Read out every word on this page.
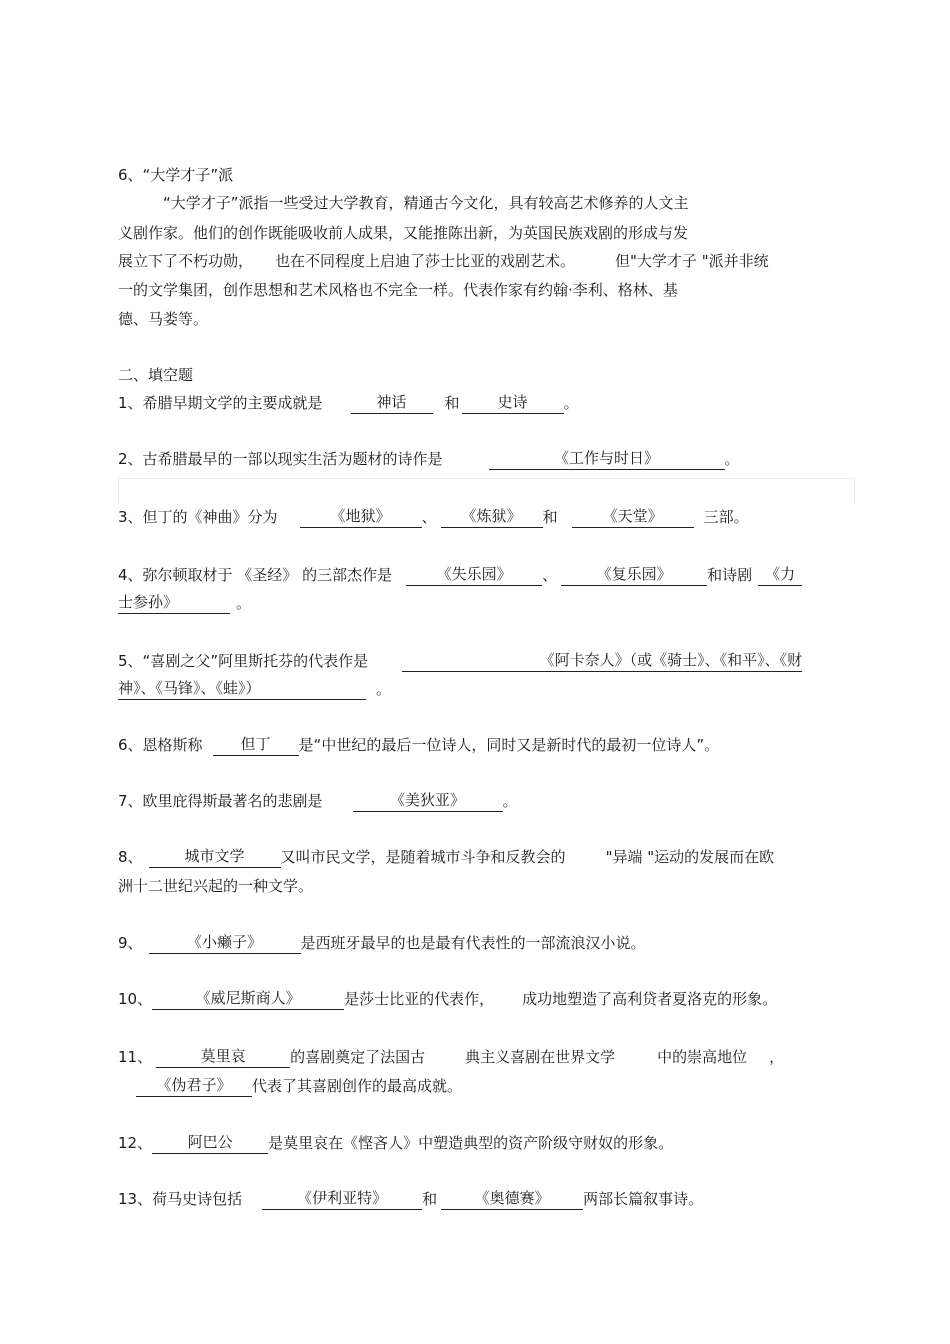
6、“大学才子”派
“大学才子”派指一些受过大学教育，精通古今文化，具有较高艺术修养的人文主
义剧作家。他们的创作既能吸收前人成果，又能推陈出新，为英国民族戏剧的形成与发
展立下了不朽功勋， 也在不同程度上启迪了莎士比亚的戏剧艺术。	但"大学才子 "派并非统
一的文学集团，创作思想和艺术风格也不完全一样。代表作家有约翰·李利、格林、基
德、马娄等。
二、填空题
1、希腊早期文学的主要成就是	神话	和	史诗 。
2、古希腊最早的一部以现实生活为题材的诗作是	《工作与时日》	。
3、但丁的《神曲》分为	《地狱》 、 《炼狱》 和	《天堂》	三部。
4、弥尔顿取材于 《圣经》 的三部杰作是	《失乐园》 、	《复乐园》 和诗剧 《力
士参孙》	。
5、“喜剧之父”阿里斯托芬的代表作是	《阿卡奈人》（或《骑士》、《和平》、《财
神》、《马锋》、《蛙》）	。
6、恩格斯称	但丁 是“中世纪的最后一位诗人，同时又是新时代的最初一位诗人”。
7、欧里庇得斯最著名的悲剧是	《美狄亚》	。
8、	城市文学 又叫市民文学，是随着城市斗争和反教会的	"异端 "运动的发展而在欧
洲十二世纪兴起的一种文学。
9、	《小癞子》	是西班牙最早的也是最有代表性的一部流浪汉小说。
10、	《威尼斯商人》	是莎士比亚的代表作， 成功地塑造了高利贷者夏洛克的形象。
11、	莫里哀	的喜剧奠定了法国古	典主义喜剧在世界文学	中的崇高地位 ，
《伪君子》 代表了其喜剧创作的最高成就。
12、 阿巴公 是莫里哀在《悭吝人》中塑造典型的资产阶级守财奴的形象。
13、荷马史诗包括	《伊利亚特》 和 《奥德赛》 两部长篇叙事诗。
